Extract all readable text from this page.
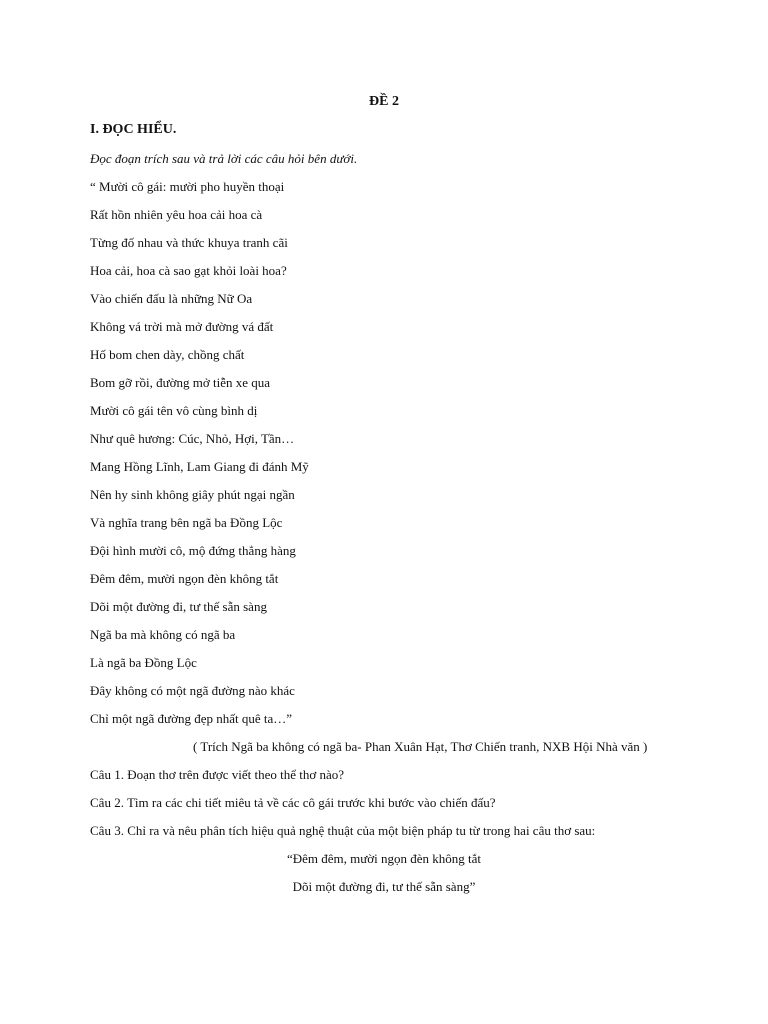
ĐỀ 2
I. ĐỌC HIỂU.
Đọc đoạn trích sau và trả lời các câu hỏi bên dưới.
“ Mười cô gái: mười pho huyền thoại
Rất hồn nhiên yêu hoa cải hoa cà
Từng đố nhau và thức khuya tranh cãi
Hoa cải, hoa cà sao gạt khỏi loài hoa?
Vào chiến đấu là những Nữ Oa
Không vá trời mà mở đường vá đất
Hố bom chen dày, chồng chất
Bom gỡ rồi, đường mở tiễn xe qua
Mười cô gái tên vô cùng bình dị
Như quê hương: Cúc, Nhỏ, Hợi, Tần…
Mang Hồng Lĩnh, Lam Giang đi đánh Mỹ
Nên hy sinh không giây phút ngại ngần
Và nghĩa trang bên ngã ba Đồng Lộc
Đội hình mười cô, mộ đứng thẳng hàng
Đêm đêm, mười ngọn đèn không tắt
Dõi một đường đi, tư thế sẵn sàng
Ngã ba mà không có ngã ba
Là ngã ba Đồng Lộc
Đây không có một ngã đường nào khác
Chỉ một ngã đường đẹp nhất quê ta…”
( Trích Ngã ba không có ngã ba- Phan Xuân Hạt, Thơ Chiến tranh, NXB Hội Nhà văn )
Câu 1. Đoạn thơ trên được viết theo thể thơ nào?
Câu 2. Tìm ra các chi tiết miêu tả về các cô gái trước khi bước vào chiến đấu?
Câu 3. Chỉ ra và nêu phân tích hiệu quả nghệ thuật của một biện pháp tu từ trong hai câu thơ sau:
“Đêm đêm, mười ngọn đèn không tắt
Dõi một đường đi, tư thế sẵn sàng”
